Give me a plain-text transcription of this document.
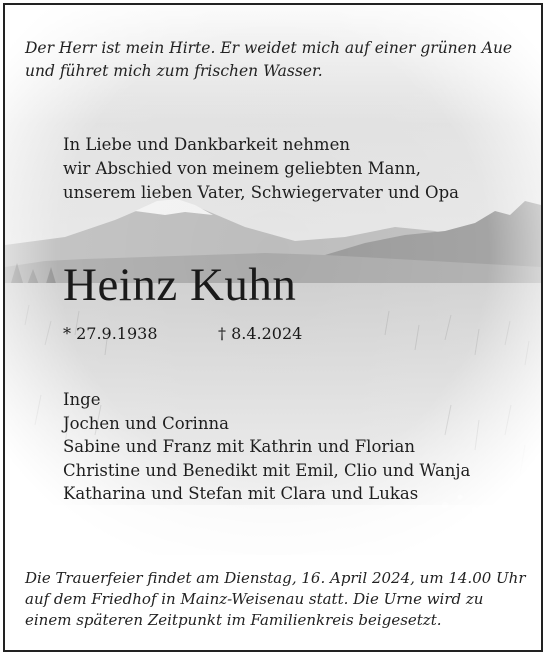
Der Herr ist mein Hirte. Er weidet mich auf einer grünen Aue
und führet mich zum frischen Wasser.
In Liebe und Dankbarkeit nehmen
wir Abschied von meinem geliebten Mann,
unserem lieben Vater, Schwiegervater und Opa
Heinz Kuhn
* 27.9.1938	† 8.4.2024
Inge
Jochen und Corinna
Sabine und Franz mit Kathrin und Florian
Christine und Benedikt mit Emil, Clio und Wanja
Katharina und Stefan mit Clara und Lukas
Die Trauerfeier findet am Dienstag, 16. April 2024, um 14.00 Uhr
auf dem Friedhof in Mainz-Weisenau statt. Die Urne wird zu
einem späteren Zeitpunkt im Familienkreis beigesetzt.
